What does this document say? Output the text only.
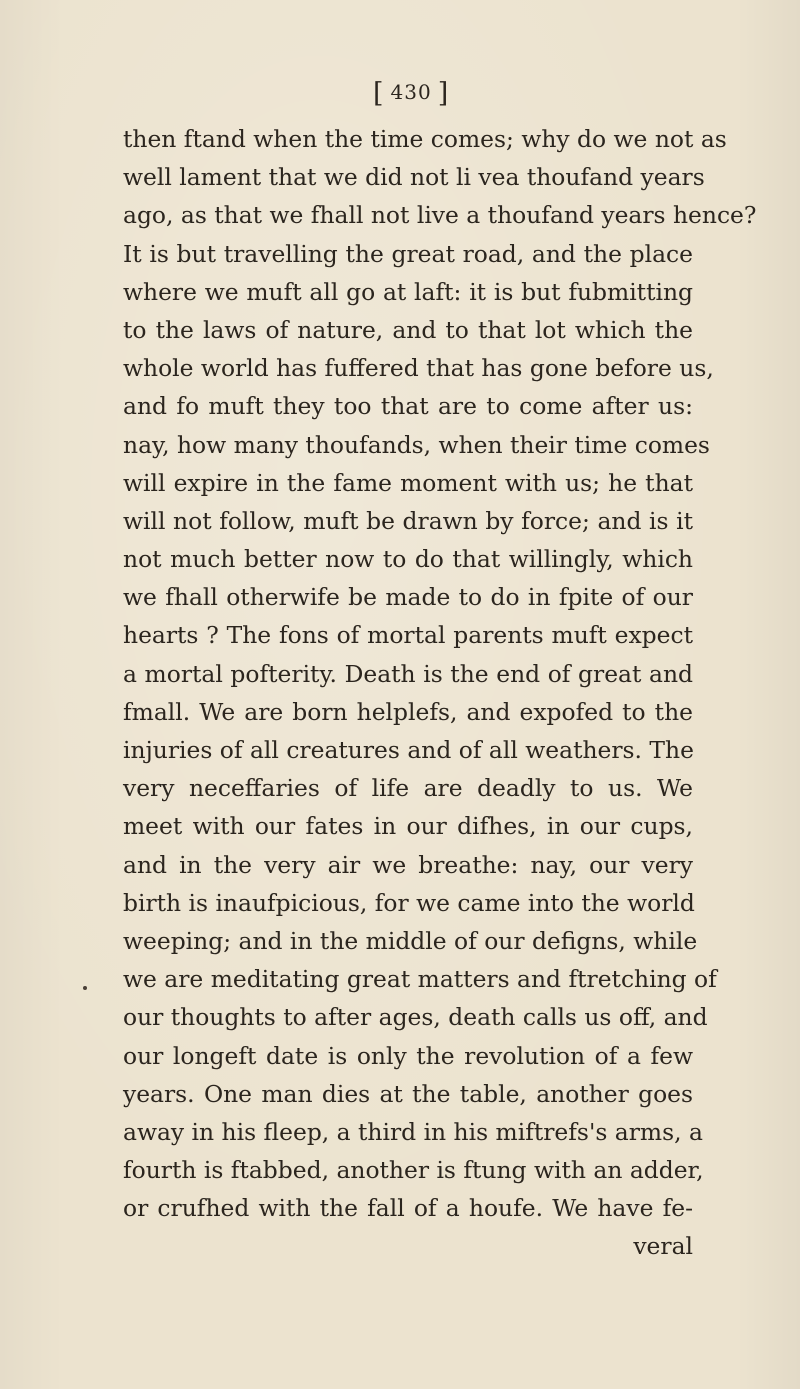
[ 430 ]
then ftand when the time comes; why do we not as
well lament that we did not li vea thoufand years
ago, as that we fhall not live a thoufand years hence?
It is but travelling the great road, and the place
where we muft all go at laft: it is but fubmitting
to the laws of nature, and to that lot which the
whole world has fuffered that has gone before us,
and fo muft they too that are to come after us:
nay, how many thoufands, when their time comes
will expire in the fame moment with us; he that
will not follow, muft be drawn by force; and is it
not much better now to do that willingly, which
we fhall otherwife be made to do in fpite of our
hearts ? The fons of mortal parents muft expect
a mortal pofterity. Death is the end of great and
fmall. We are born helplefs, and expofed to the
injuries of all creatures and of all weathers. The
very neceffaries of life are deadly to us. We
meet with our fates in our difhes, in our cups,
and in the very air we breathe: nay, our very
birth is inaufpicious, for we came into the world
weeping; and in the middle of our defigns, while
we are meditating great matters and ftretching of
our thoughts to after ages, death calls us off, and
our longeft date is only the revolution of a few
years. One man dies at the table, another goes
away in his fleep, a third in his miftrefs's arms, a
fourth is ftabbed, another is ftung with an adder,
or crufhed with the fall of a houfe. We have fe-
veral
